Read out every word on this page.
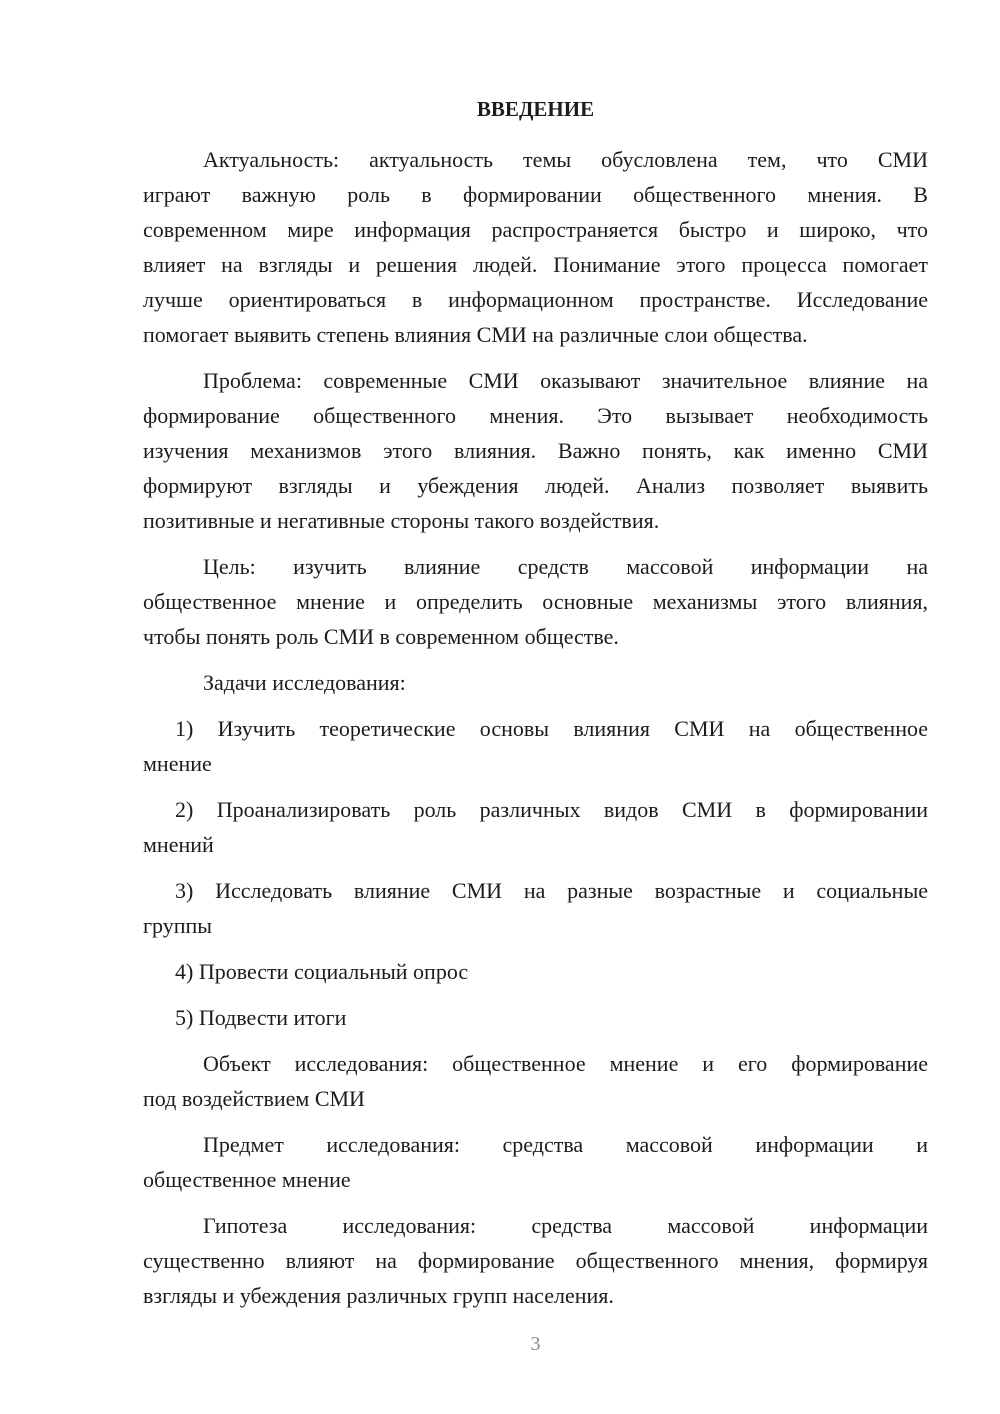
ВВЕДЕНИЕ
Актуальность: актуальность темы обусловлена тем, что СМИ
играют важную роль в формировании общественного мнения. В
современном мире информация распространяется быстро и широко, что
влияет на взгляды и решения людей. Понимание этого процесса помогает
лучше ориентироваться в информационном пространстве. Исследование
помогает выявить степень влияния СМИ на различные слои общества.
Проблема: современные СМИ оказывают значительное влияние на
формирование общественного мнения. Это вызывает необходимость
изучения механизмов этого влияния. Важно понять, как именно СМИ
формируют взгляды и убеждения людей. Анализ позволяет выявить
позитивные и негативные стороны такого воздействия.
Цель: изучить влияние средств массовой информации на
общественное мнение и определить основные механизмы этого влияния,
чтобы понять роль СМИ в современном обществе.
Задачи исследования:
1) Изучить теоретические основы влияния СМИ на общественное
мнение
2) Проанализировать роль различных видов СМИ в формировании
мнений
3) Исследовать влияние СМИ на разные возрастные и социальные
группы
4) Провести социальный опрос
5) Подвести итоги
Объект исследования: общественное мнение и его формирование
под воздействием СМИ
Предмет исследования: средства массовой информации и
общественное мнение
Гипотеза исследования: средства массовой информации
существенно влияют на формирование общественного мнения, формируя
взгляды и убеждения различных групп населения.
3
